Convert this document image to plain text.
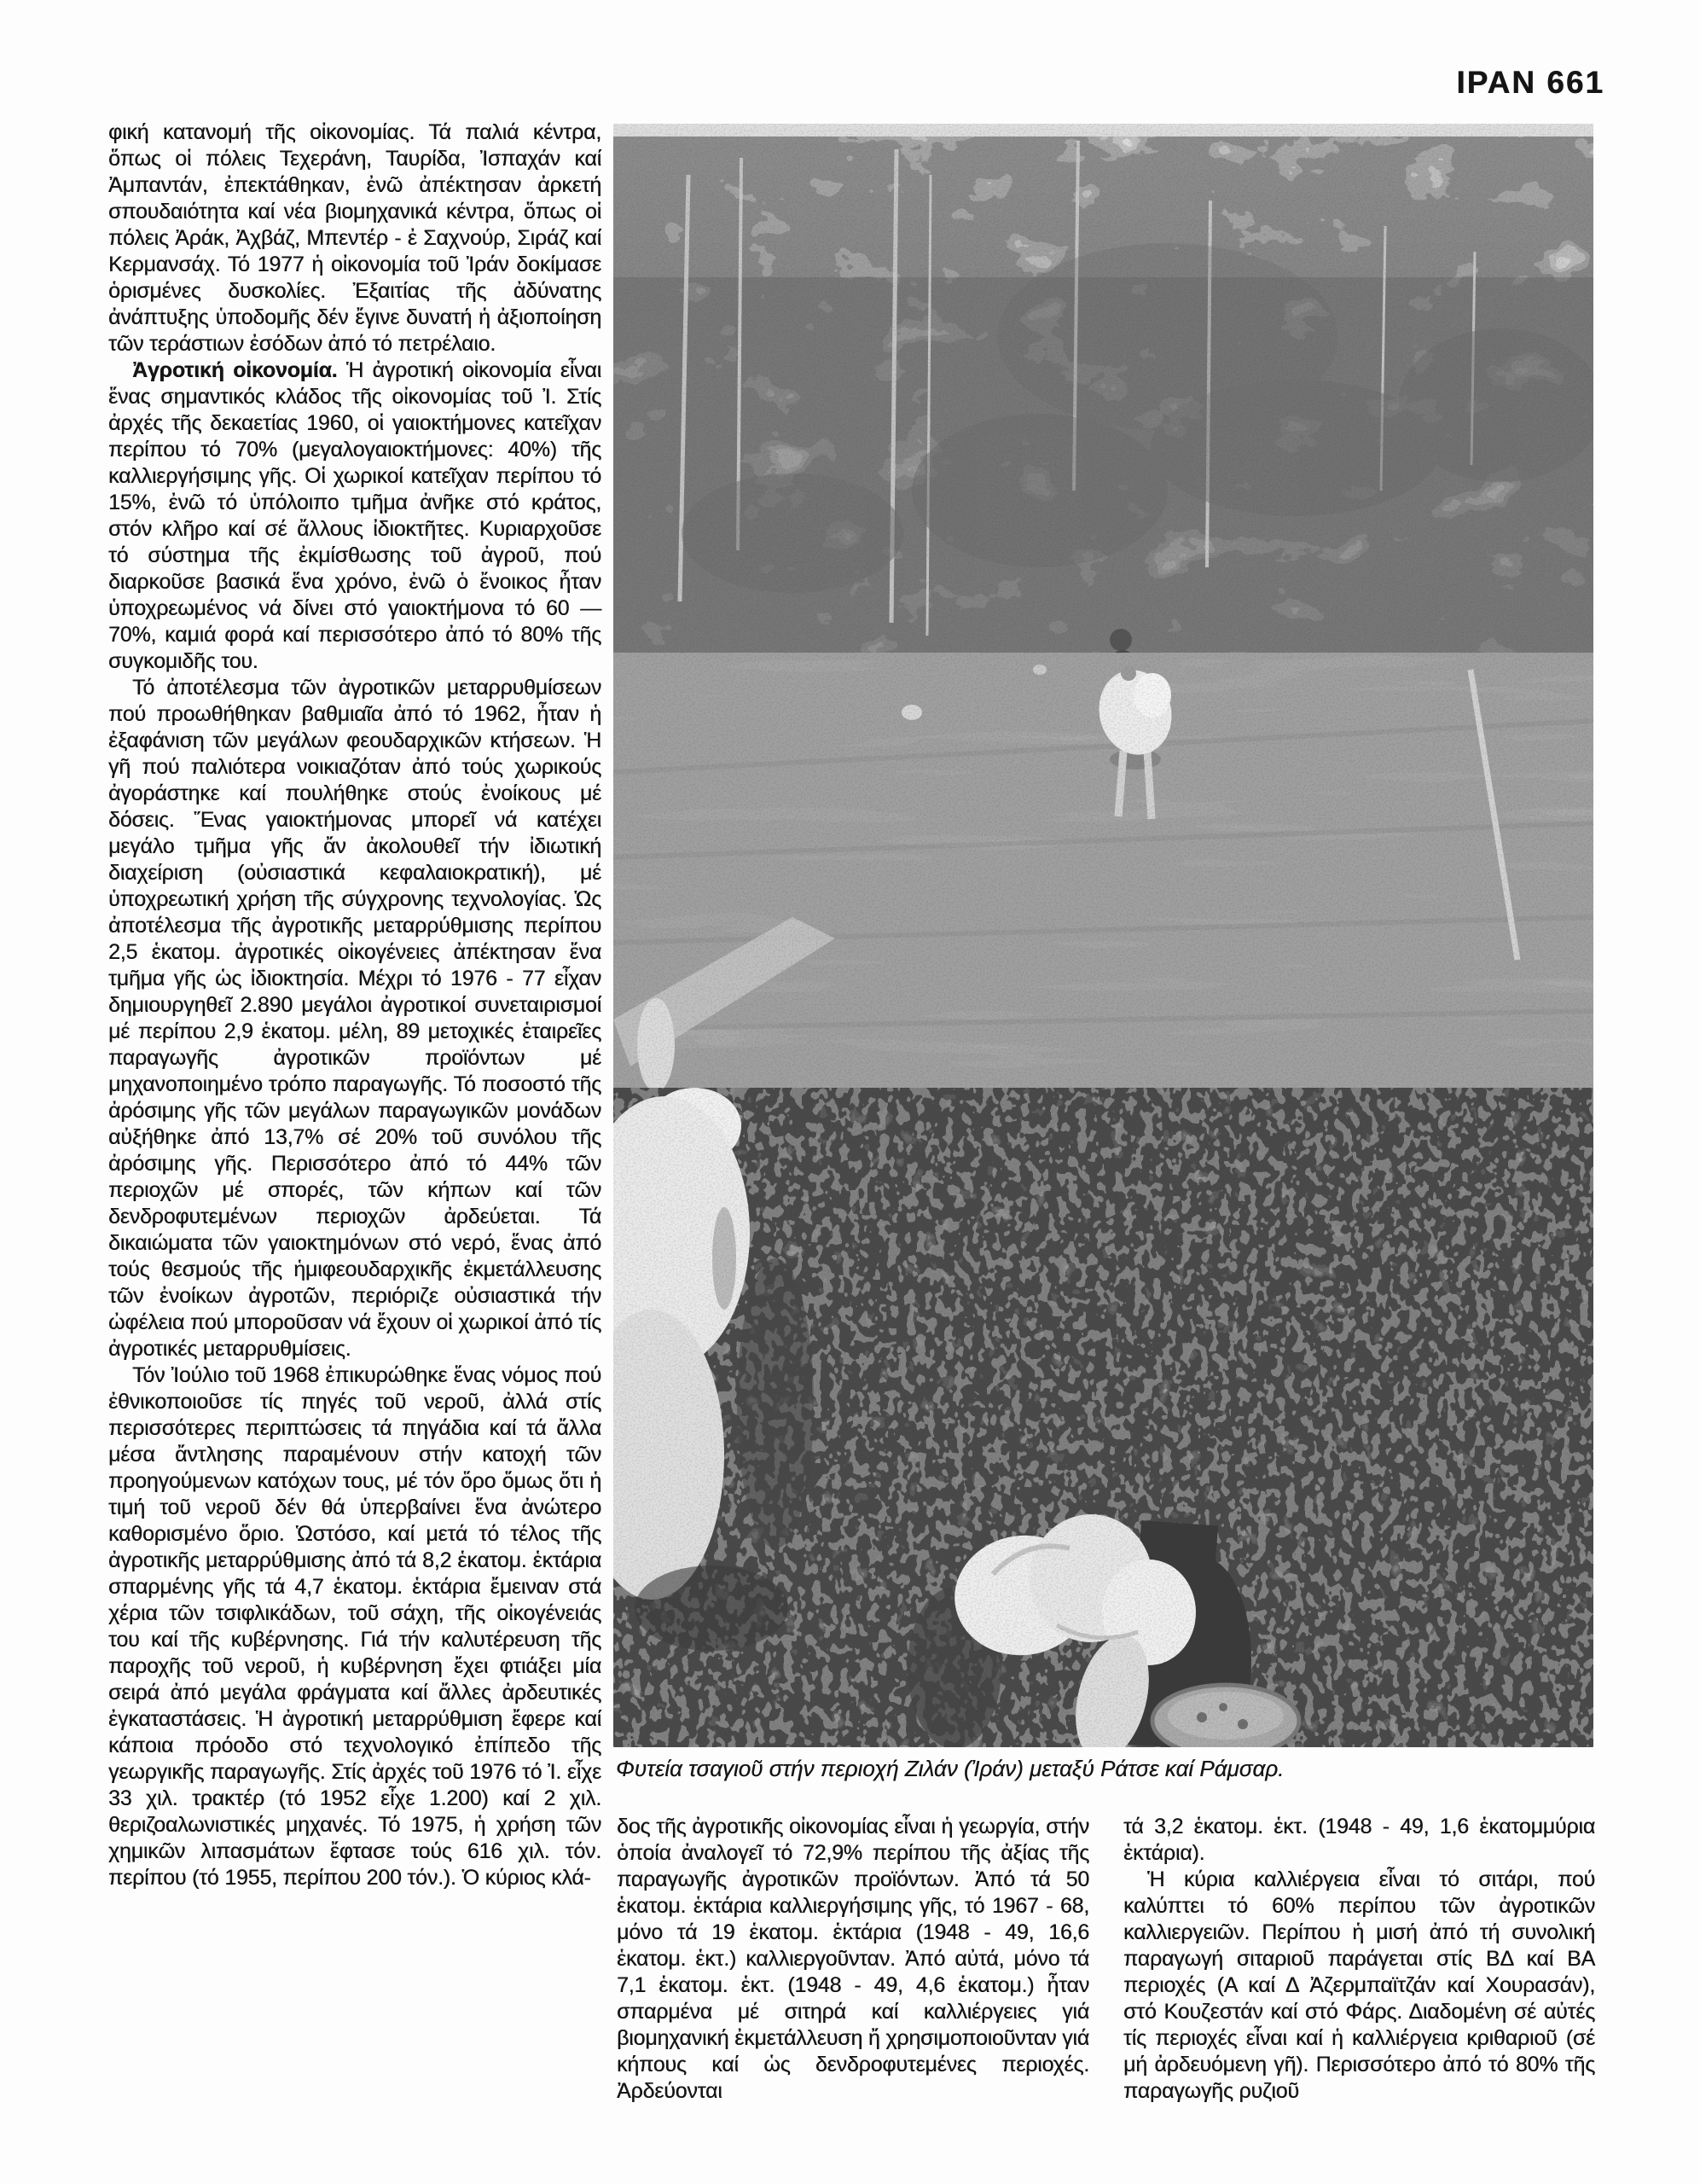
ΙΡΑΝ 661

φική κατανομή τῆς οἰκονομίας. Τά παλιά κέντρα, ὅπως οἱ πόλεις Τεχεράνη, Ταυρίδα, Ἰσπαχάν καί Ἀμπαντάν, ἐπεκτάθηκαν, ἐνῶ ἀπέκτησαν ἀρκετή σπουδαιότητα καί νέα βιομηχανικά κέντρα, ὅπως οἱ πόλεις Ἀράκ, Ἀχβάζ, Μπεντέρ - ἐ Σαχνούρ, Σιράζ καί Κερμανσάχ. Τό 1977 ἡ οἰκονομία τοῦ Ἰράν δοκίμασε ὁρισμένες δυσκολίες. Ἐξαιτίας τῆς ἀδύνατης ἀνάπτυξης ὑποδομῆς δέν ἔγινε δυνατή ἡ ἀξιοποίηση τῶν τεράστιων ἐσόδων ἀπό τό πετρέλαιο.

Ἀγροτική οἰκονομία. Ἡ ἀγροτική οἰκονομία εἶναι ἕνας σημαντικός κλάδος τῆς οἰκονομίας τοῦ Ἰ. Στίς ἀρχές τῆς δεκαετίας 1960, οἱ γαιοκτήμονες κατεῖχαν περίπου τό 70% (μεγαλογαιοκτήμονες: 40%) τῆς καλλιεργήσιμης γῆς. Οἱ χωρικοί κατεῖχαν περίπου τό 15%, ἐνῶ τό ὑπόλοιπο τμῆμα ἀνῆκε στό κράτος, στόν κλῆρο καί σέ ἄλλους ἰδιοκτῆτες. Κυριαρχοῦσε τό σύστημα τῆς ἐκμίσθωσης τοῦ ἀγροῦ, πού διαρκοῦσε βασικά ἕνα χρόνο, ἐνῶ ὁ ἔνοικος ἦταν ὑποχρεωμένος νά δίνει στό γαιοκτήμονα τό 60 — 70%, καμιά φορά καί περισσότερο ἀπό τό 80% τῆς συγκομιδῆς του.

Τό ἀποτέλεσμα τῶν ἀγροτικῶν μεταρρυθμίσεων πού προωθήθηκαν βαθμιαῖα ἀπό τό 1962, ἦταν ἡ ἐξαφάνιση τῶν μεγάλων φεουδαρχικῶν κτήσεων. Ἡ γῆ πού παλιότερα νοικιαζόταν ἀπό τούς χωρικούς ἀγοράστηκε καί πουλήθηκε στούς ἐνοίκους μέ δόσεις. Ἕνας γαιοκτήμονας μπορεῖ νά κατέχει μεγάλο τμῆμα γῆς ἄν ἀκολουθεῖ τήν ἰδιωτική διαχείριση (οὐσιαστικά κεφαλαιοκρατική), μέ ὑποχρεωτική χρήση τῆς σύγχρονης τεχνολογίας. Ὡς ἀποτέλεσμα τῆς ἀγροτικῆς μεταρρύθμισης περίπου 2,5 ἑκατομ. ἀγροτικές οἰκογένειες ἀπέκτησαν ἕνα τμῆμα γῆς ὡς ἰδιοκτησία. Μέχρι τό 1976 - 77 εἶχαν δημιουργηθεῖ 2.890 μεγάλοι ἀγροτικοί συνεταιρισμοί μέ περίπου 2,9 ἑκατομ. μέλη, 89 μετοχικές ἑταιρεῖες παραγωγῆς ἀγροτικῶν προϊόντων μέ μηχανοποιημένο τρόπο παραγωγῆς. Τό ποσοστό τῆς ἀρόσιμης γῆς τῶν μεγάλων παραγωγικῶν μονάδων αὐξήθηκε ἀπό 13,7% σέ 20% τοῦ συνόλου τῆς ἀρόσιμης γῆς. Περισσότερο ἀπό τό 44% τῶν περιοχῶν μέ σπορές, τῶν κήπων καί τῶν δενδροφυτεμένων περιοχῶν ἀρδεύεται. Τά δικαιώματα τῶν γαιοκτημόνων στό νερό, ἕνας ἀπό τούς θεσμούς τῆς ἡμιφεουδαρχικῆς ἐκμετάλλευσης τῶν ἐνοίκων ἀγροτῶν, περιόριζε οὐσιαστικά τήν ὠφέλεια πού μποροῦσαν νά ἔχουν οἱ χωρικοί ἀπό τίς ἀγροτικές μεταρρυθμίσεις.

Τόν Ἰούλιο τοῦ 1968 ἐπικυρώθηκε ἕνας νόμος πού ἐθνικοποιοῦσε τίς πηγές τοῦ νεροῦ, ἀλλά στίς περισσότερες περιπτώσεις τά πηγάδια καί τά ἄλλα μέσα ἄντλησης παραμένουν στήν κατοχή τῶν προηγούμενων κατόχων τους, μέ τόν ὅρο ὅμως ὅτι ἡ τιμή τοῦ νεροῦ δέν θά ὑπερβαίνει ἕνα ἀνώτερο καθορισμένο ὅριο. Ὡστόσο, καί μετά τό τέλος τῆς ἀγροτικῆς μεταρρύθμισης ἀπό τά 8,2 ἑκατομ. ἑκτάρια σπαρμένης γῆς τά 4,7 ἑκατομ. ἑκτάρια ἔμειναν στά χέρια τῶν τσιφλικάδων, τοῦ σάχη, τῆς οἰκογένειάς του καί τῆς κυβέρνησης. Γιά τήν καλυτέρευση τῆς παροχῆς τοῦ νεροῦ, ἡ κυβέρνηση ἔχει φτιάξει μία σειρά ἀπό μεγάλα φράγματα καί ἄλλες ἀρδευτικές ἐγκαταστάσεις. Ἡ ἀγροτική μεταρρύθμιση ἔφερε καί κάποια πρόοδο στό τεχνολογικό ἐπίπεδο τῆς γεωργικῆς παραγωγῆς. Στίς ἀρχές τοῦ 1976 τό Ἰ. εἶχε 33 χιλ. τρακτέρ (τό 1952 εἶχε 1.200) καί 2 χιλ. θεριζοαλωνιστικές μηχανές. Τό 1975, ἡ χρήση τῶν χημικῶν λιπασμάτων ἔφτασε τούς 616 χιλ. τόν. περίπου (τό 1955, περίπου 200 τόν.). Ὁ κύριος κλά-

Φυτεία τσαγιοῦ στήν περιοχή Ζιλάν (Ἰράν) μεταξύ Ράτσε καί Ράμσαρ.

δος τῆς ἀγροτικῆς οἰκονομίας εἶναι ἡ γεωργία, στήν ὁποία ἀναλογεῖ τό 72,9% περίπου τῆς ἀξίας τῆς παραγωγῆς ἀγροτικῶν προϊόντων. Ἀπό τά 50 ἑκατομ. ἑκτάρια καλλιεργήσιμης γῆς, τό 1967 - 68, μόνο τά 19 ἑκατομ. ἑκτάρια (1948 - 49, 16,6 ἑκατομ. ἑκτ.) καλλιεργοῦνταν. Ἀπό αὐτά, μόνο τά 7,1 ἑκατομ. ἑκτ. (1948 - 49, 4,6 ἑκατομ.) ἦταν σπαρμένα μέ σιτηρά καί καλλιέργειες γιά βιομηχανική ἐκμετάλλευση ἤ χρησιμοποιοῦνταν γιά κήπους καί ὡς δενδροφυτεμένες περιοχές. Ἀρδεύονται

τά 3,2 ἑκατομ. ἑκτ. (1948 - 49, 1,6 ἑκατομμύρια ἑκτάρια).

Ἡ κύρια καλλιέργεια εἶναι τό σιτάρι, πού καλύπτει τό 60% περίπου τῶν ἀγροτικῶν καλλιεργειῶν. Περίπου ἡ μισή ἀπό τή συνολική παραγωγή σιταριοῦ παράγεται στίς ΒΔ καί ΒΑ περιοχές (Α καί Δ Ἀζερμπαϊτζάν καί Χουρασάν), στό Κουζεστάν καί στό Φάρς. Διαδομένη σέ αὐτές τίς περιοχές εἶναι καί ἡ καλλιέργεια κριθαριοῦ (σέ μή ἀρδευόμενη γῆ). Περισσότερο ἀπό τό 80% τῆς παραγωγῆς ρυζιοῦ
